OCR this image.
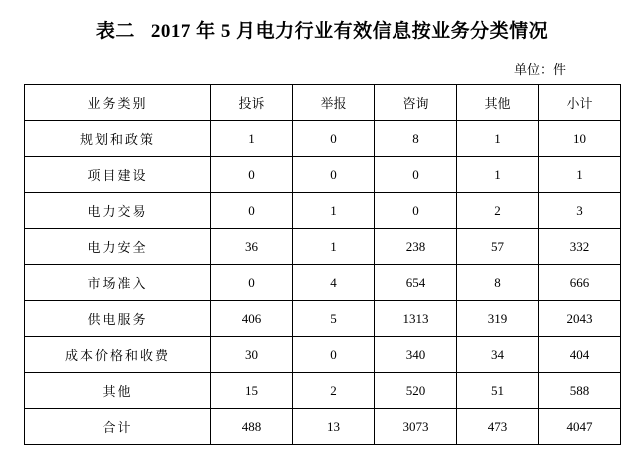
表二 2017 年 5 月电力行业有效信息按业务分类情况
单位：件
业务类别	投诉	举报	咨询	其他	小计
规划和政策	1	0	8	1	10
项目建设	0	0	0	1	1
电力交易	0	1	0	2	3
电力安全	36	1	238	57	332
市场准入	0	4	654	8	666
供电服务	406	5	1313	319	2043
成本价格和收费	30	0	340	34	404
其他	15	2	520	51	588
合计	488	13	3073	473	4047
